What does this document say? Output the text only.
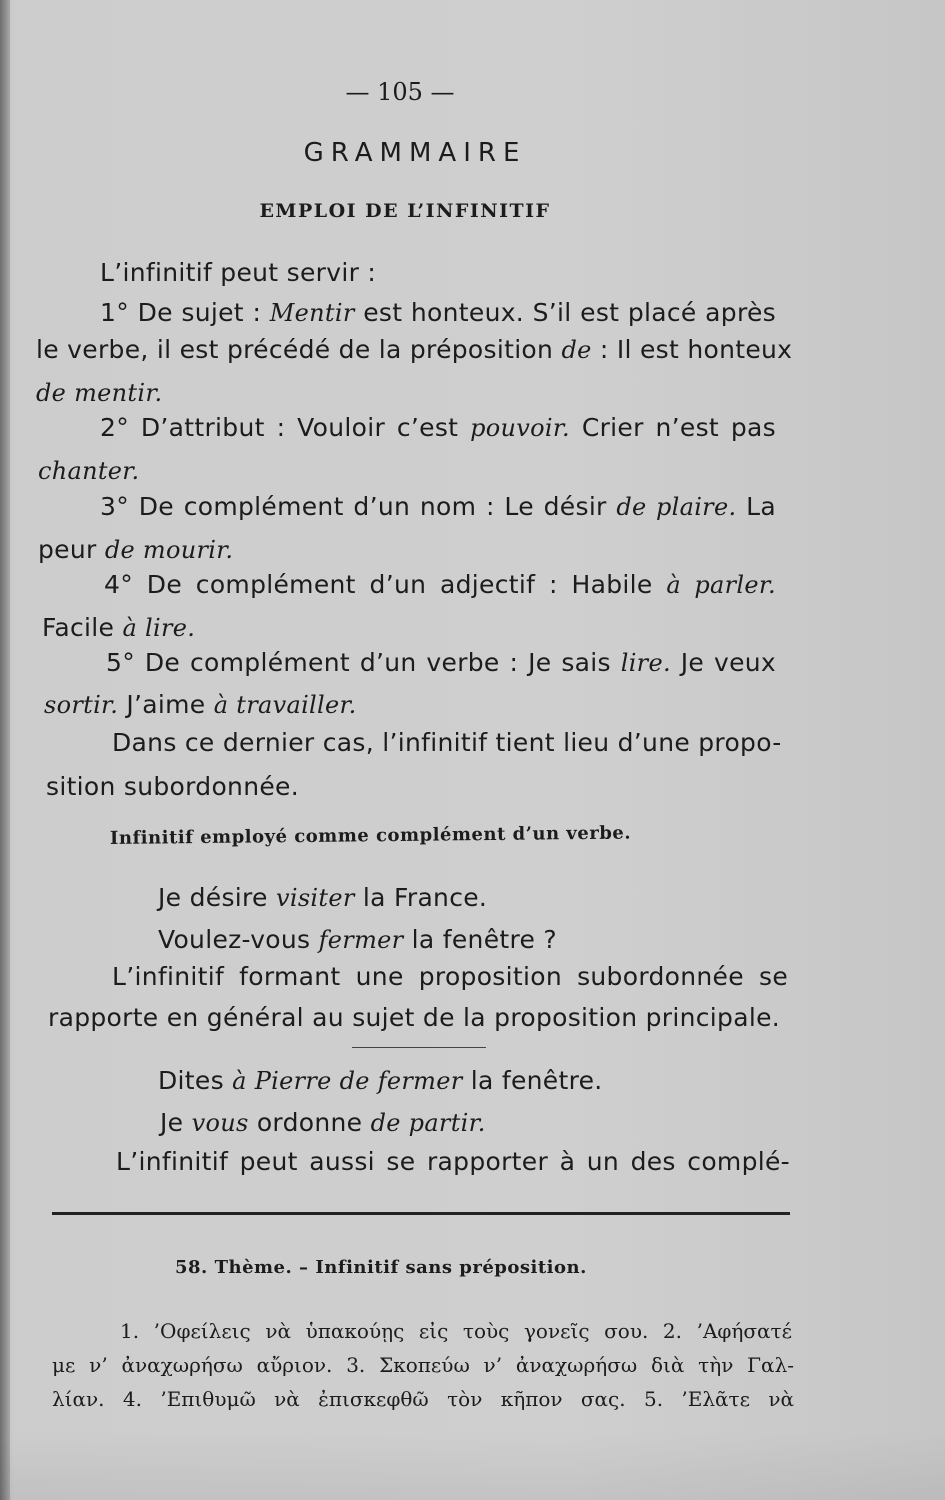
— 105 —
GRAMMAIRE
EMPLOI DE L’INFINITIF

L’infinitif peut servir :

1° De sujet : Mentir est honteux. S’il est placé après

le verbe, il est précédé de la préposition de : Il est honteux

de mentir.

2° D’attribut : Vouloir c’est pouvoir. Crier n’est pas

chanter.

3° De complément d’un nom : Le désir de plaire. La

peur de mourir.

4° De complément d’un adjectif : Habile à parler.

Facile à lire.

5° De complément d’un verbe : Je sais lire. Je veux

sortir. J’aime à travailler.

Dans ce dernier cas, l’infinitif tient lieu d’une propo-

sition subordonnée.

Infinitif employé comme complément d’un verbe.

Je désire visiter la France.

Voulez-vous fermer la fenêtre ?

L’infinitif formant une proposition subordonnée se

rapporte en général au sujet de la proposition principale.

Dites à Pierre de fermer la fenêtre.

Je vous ordonne de partir.

L’infinitif peut aussi se rapporter à un des complé-

58. Thème. – Infinitif sans préposition.

1. ’Οφείλεις νὰ ὑπακούῃς εἰς τοὺς γονεῖς σου. 2. ’Αφήσατέ

με ν’ ἀναχωρήσω αὔριον. 3. Σκοπεύω ν’ ἀναχωρήσω διὰ τὴν Γαλ-

λίαν. 4. ’Επιθυμῶ νὰ ἐπισκεφθῶ τὸν κῆπον σας. 5. ’Ελᾶτε νὰ
